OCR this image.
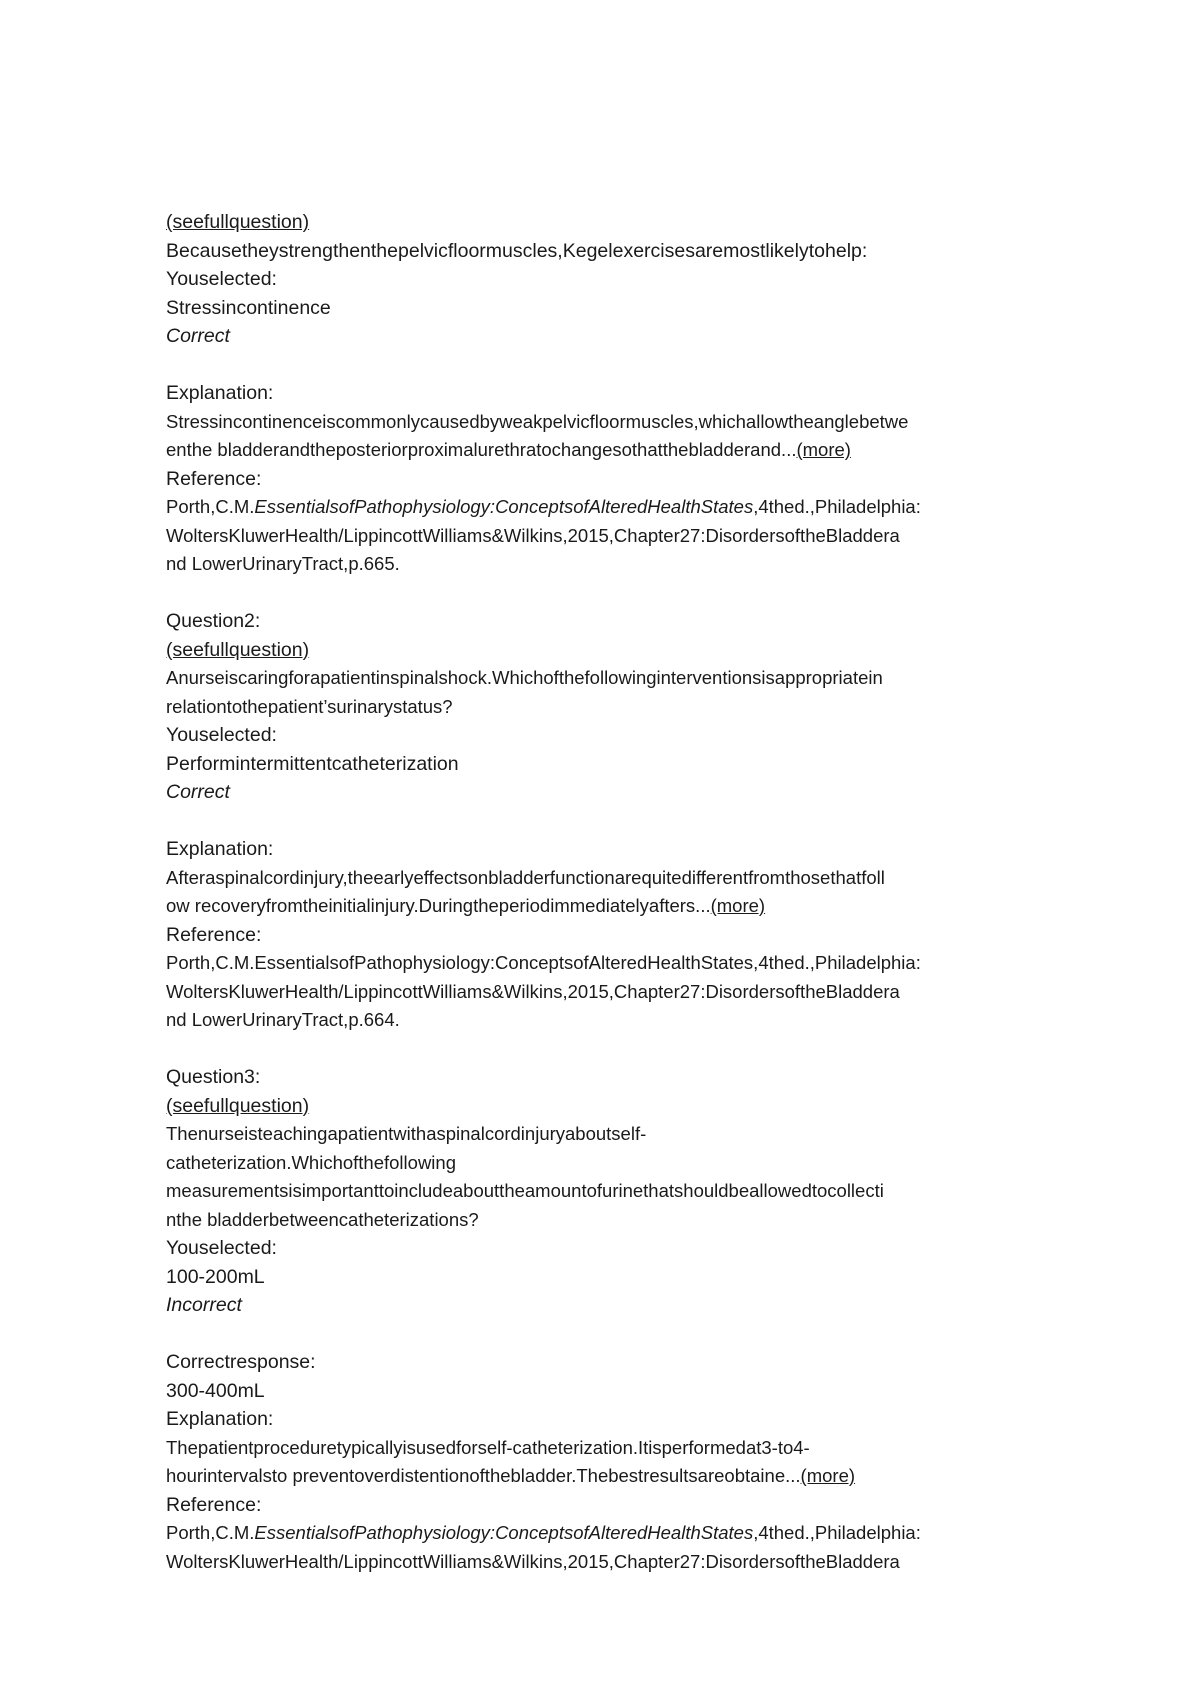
(seefullquestion)
Becausetheystrengthenthepelvicfloormuscles,Kegelexercisesaremostlikelytohelp:
Youselected:
Stressincontinence
Correct
Explanation:
Stressincontinenceiscommonlycausedbyweakpelvicfloormuscles,whichallowtheanglebetwe
enthe bladderandtheposteriorproximalurethratochangesothatthebladderand...(more)
Reference:
Porth,C.M.EssentialsofPathophysiology:ConceptsofAlteredHealthStates,4thed.,Philadelphia:
WoltersKluwerHealth/LippincottWilliams&Wilkins,2015,Chapter27:DisordersoftheBladdera
nd LowerUrinaryTract,p.665.
Question2:
(seefullquestion)
Anurseiscaringforapatientinspinalshock.Whichofthefollowinginterventionsisappropriatein
relationtothepatient’surinarystatus?
Youselected:
Performintermittentcatheterization
Correct
Explanation:
Afteraspinalcordinjury,theearlyeffectsonbladderfunctionarequitedifferentfromthosethatfoll
ow recoveryfromtheinitialinjury.Duringtheperiodimmediatelyafters...(more)
Reference:
Porth,C.M.EssentialsofPathophysiology:ConceptsofAlteredHealthStates,4thed.,Philadelphia:
WoltersKluwerHealth/LippincottWilliams&Wilkins,2015,Chapter27:DisordersoftheBladdera
nd LowerUrinaryTract,p.664.
Question3:
(seefullquestion)
Thenurseisteachingapatientwithaspinalcordinjuryaboutself-
catheterization.Whichofthefollowing
measurementsisimportanttoincludeabouttheamountofurinethatshouldbeallowedtocollecti
nthe bladderbetweencatheterizations?
Youselected:
100-200mL
Incorrect
Correctresponse:
300-400mL
Explanation:
Thepatientproceduretypicallyisusedforself-catheterization.Itisperformedat3-to4-
hourintervalsto preventoverdistentionofthebladder.Thebestresultsareobtaine...(more)
Reference:
Porth,C.M.EssentialsofPathophysiology:ConceptsofAlteredHealthStates,4thed.,Philadelphia:
WoltersKluwerHealth/LippincottWilliams&Wilkins,2015,Chapter27:DisordersoftheBladdera
